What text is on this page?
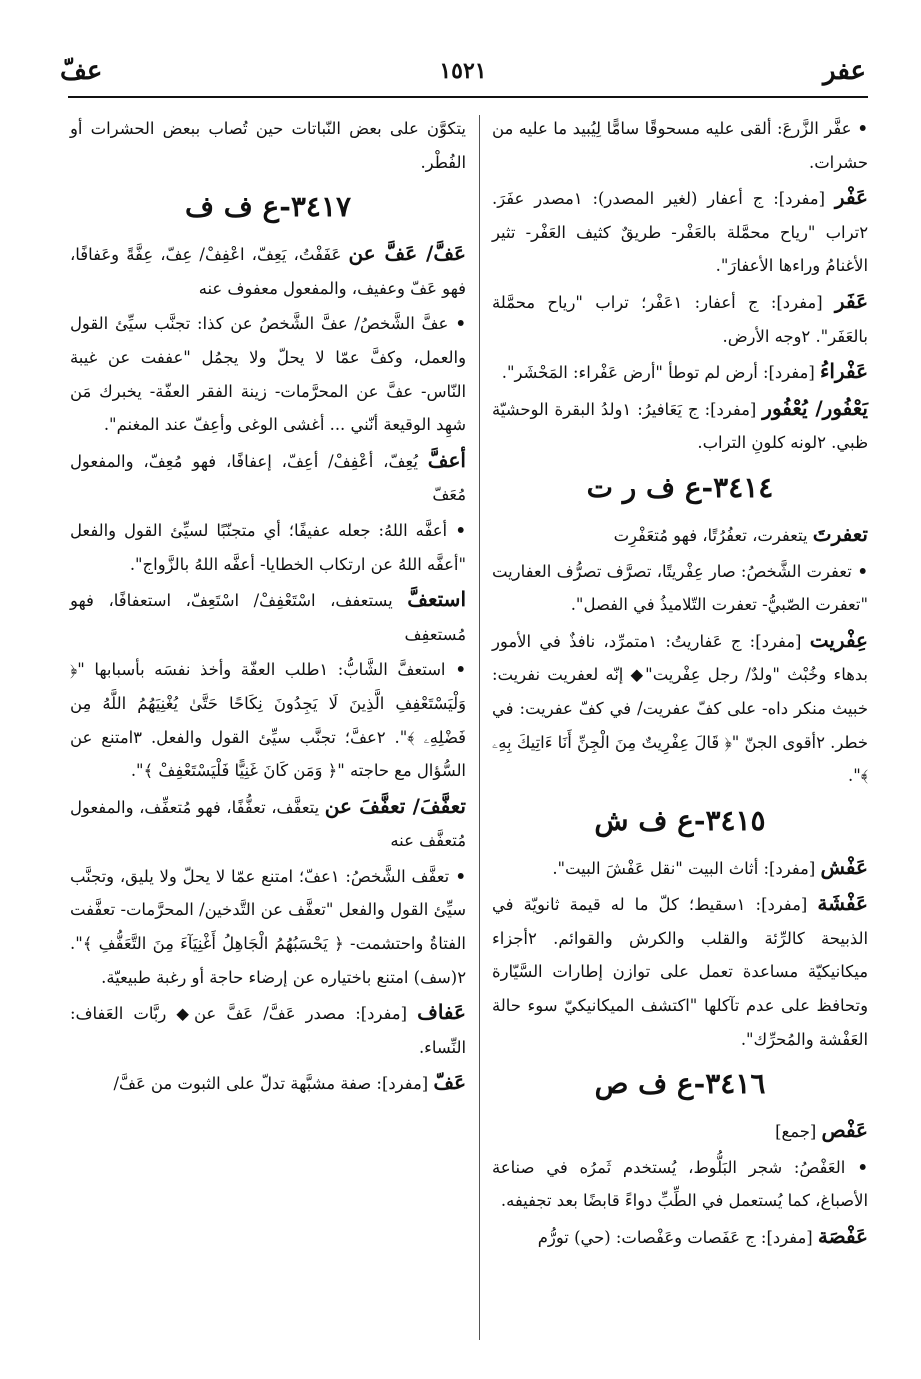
عفر
١٥٢١
عفّ
• عفَّر الزَّرعَ: ألقى عليه مسحوقًا سامًّا لِيُبيد ما عليه من حشرات.
عَفْر [مفرد]: ج أعفار (لغير المصدر): ١مصدر عفَرَ. ٢تراب "رياح محمَّلة بالعَفْر- طريقٌ كثيف العَفْر- تثير الأغنامُ وراءها الأعفارَ".
عَفَر [مفرد]: ج أعفار: ١عَفْر؛ تراب "رياح محمَّلة بالعَفَر". ٢وجه الأرض.
عَفْراءُ [مفرد]: أرض لم توطأ "أرض عَفْراء: المَحْشَر".
يَعْفُور/ يُعْفُور [مفرد]: ج يَعَافيرُ: ١ولدُ البقرة الوحشيّة ظبي. ٢لونه كلونِ التراب.
٣٤١٤-ع ف ر ت
تعفرتَ يتعفرت، تعفُرُتًا، فهو مُتعَفْرِت
• تعفرت الشَّخصُ: صار عِفْريتًا، تصرَّف تصرُّف العفاريت "تعفرت الصّبيُّ- تعفرت التّلاميذُ في الفصل".
عِفْريت [مفرد]: ج عَفاريتُ: ١متمرِّد، نافذٌ في الأمور بدهاء وخُبْث "ولدٌ/ رجل عِفْريت"◆ إنّه لعفريت نفريت: خبيث منكر داه- على كفّ عفريت/ في كفّ عفريت: في خطر. ٢أقوى الجنّ "﴿ قَالَ عِفْرِيتٌ مِنَ الْجِنِّ أَنَا ءَاتِيكَ بِهِۦ ﴾".
٣٤١٥-ع ف ش
عَفْش [مفرد]: أثاث البيت "نقل عَفْشَ البيت".
عَفْشَة [مفرد]: ١سقيط؛ كلّ ما له قيمة ثانويّة في الذبيحة كالرِّئة والقلب والكرش والقوائم. ٢أجزاء ميكانيكيّة مساعدة تعمل على توازن إطارات السَّيّارة وتحافظ على عدم تآكلها "اكتشف الميكانيكيّ سوء حالة العَفْشة والمُحرِّك".
٣٤١٦-ع ف ص
عَفْص [جمع]
• العَفْصُ: شجر البَلُّوط، يُستخدم ثَمرُه في صناعة الأصباغ، كما يُستعمل في الطِّبِّ دواءً قابضًا بعد تجفيفه.
عَفْصَة [مفرد]: ج عَفَصات وعَفْصات: (حي) تورُّم
يتكوَّن على بعض النّباتات حين تُصاب ببعض الحشرات أو الفُطْر.
٣٤١٧-ع ف ف
عَفَّ/ عَفَّ عن عَفَفْتُ، يَعِفّ، اعْفِفْ/ عِفّ، عِفَّةً وعَفافًا، فهو عَفّ وعفيف، والمفعول معفوف عنه
• عفَّ الشَّخصُ/ عفَّ الشَّخصُ عن كذا: تجنَّب سيِّئ القول والعمل، وكفَّ عمّا لا يحلّ ولا يجمُل "عففت عن غيبة النّاس- عفَّ عن المحرَّمات- زينة الفقر العفّة- يخبرك مَن شهِد الوقيعة أنّني ... أغشى الوغى وأعِفّ عند المغنم".
أعفَّ يُعِفّ، أعْفِفْ/ أعِفّ، إعفافًا، فهو مُعِفّ، والمفعول مُعَفّ
• أعفَّه اللهُ: جعله عفيفًا؛ أي متجنّبًا لسيِّئ القول والفعل "أعفَّه اللهُ عن ارتكاب الخطايا- أعفَّه اللهُ بالزَّواج".
استعفَّ يستعفف، اسْتَعْفِفْ/ اسْتَعِفّ، استعفافًا، فهو مُستعفِف
• استعفَّ الشَّابُّ: ١طلب العفّة وأخذ نفسَه بأسبابها "﴿ وَلْيَسْتَعْفِفِ الَّذِينَ لَا يَجِدُونَ نِكَاحًا حَتَّىٰ يُغْنِيَهُمُ اللَّهُ مِن فَضْلِهِۦ ﴾". ٢عفَّ؛ تجنَّب سيِّئ القول والفعل. ٣امتنع عن السُّؤال مع حاجته "﴿ وَمَن كَانَ غَنِيًّا فَلْيَسْتَعْفِفْ ﴾".
تعفَّفَ/ تعفَّفَ عن يتعفَّف، تعفُّفًا، فهو مُتعفِّف، والمفعول مُتعفَّف عنه
• تعفَّف الشَّخصُ: ١عفّ؛ امتنع عمّا لا يحلّ ولا يليق، وتجنَّب سيِّئ القول والفعل "تعفَّف عن التَّدخين/ المحرَّمات- تعفَّفت الفتاةُ واحتشمت- ﴿ يَحْسَبُهُمُ الْجَاهِلُ أَغْنِيَآءَ مِنَ التَّعَفُّفِ ﴾". ٢(سف) امتنع باختياره عن إرضاء حاجة أو رغبة طبيعيّة.
عَفاف [مفرد]: مصدر عَفَّ/ عَفَّ عن◆ ربَّات العَفاف: النِّساء.
عَفّ [مفرد]: صفة مشبَّهة تدلّ على الثبوت من عَفَّ/
